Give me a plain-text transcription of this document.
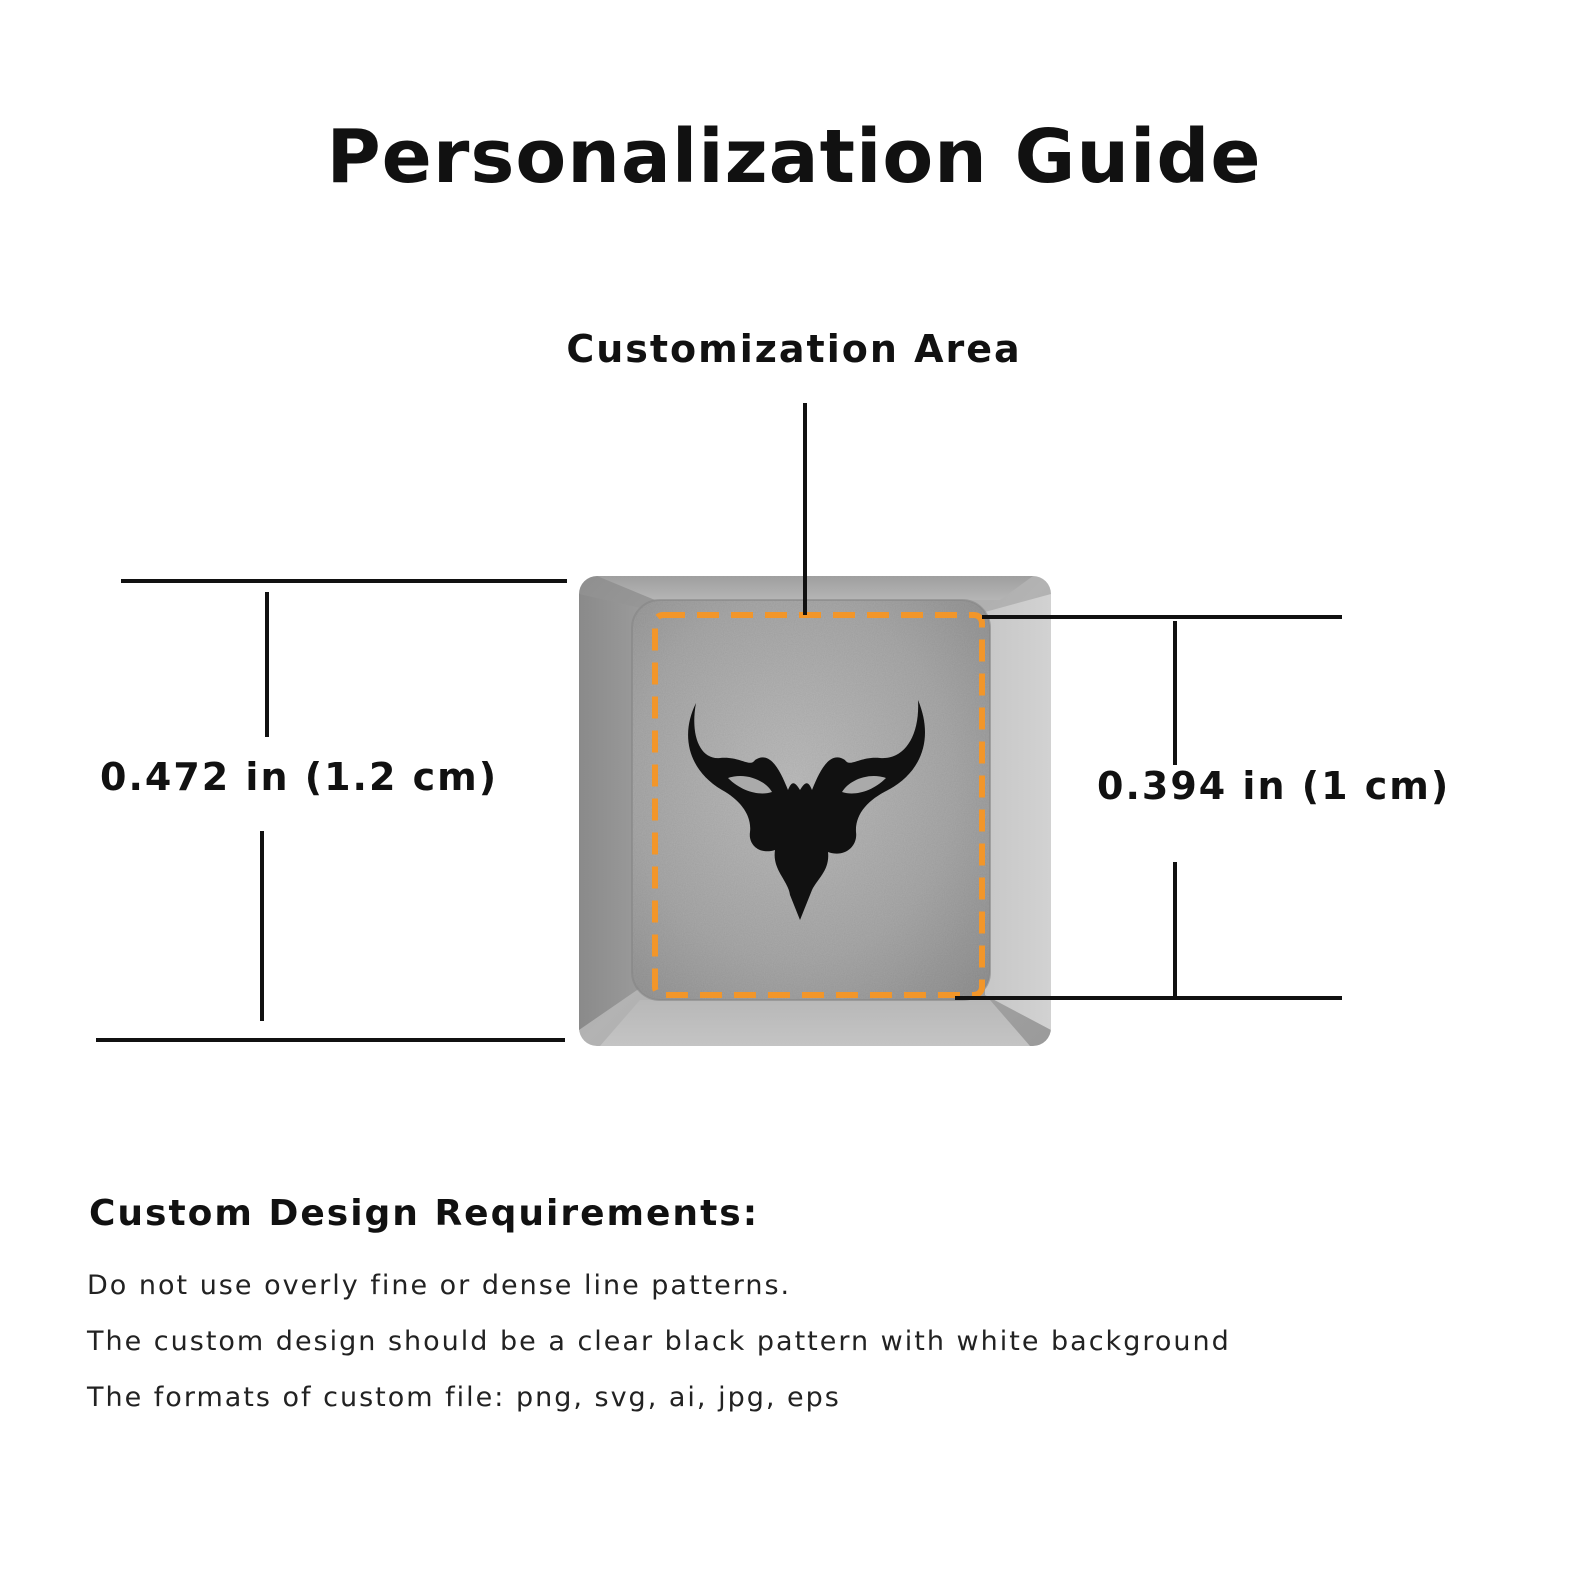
Personalization Guide
Customization Area
0.472 in (1.2 cm)	0.394 in (1 cm)
Custom Design Requirements:
Do not use overly fine or dense line patterns.
The custom design should be a clear black pattern with white background
The formats of custom file: png, svg, ai, jpg, eps
